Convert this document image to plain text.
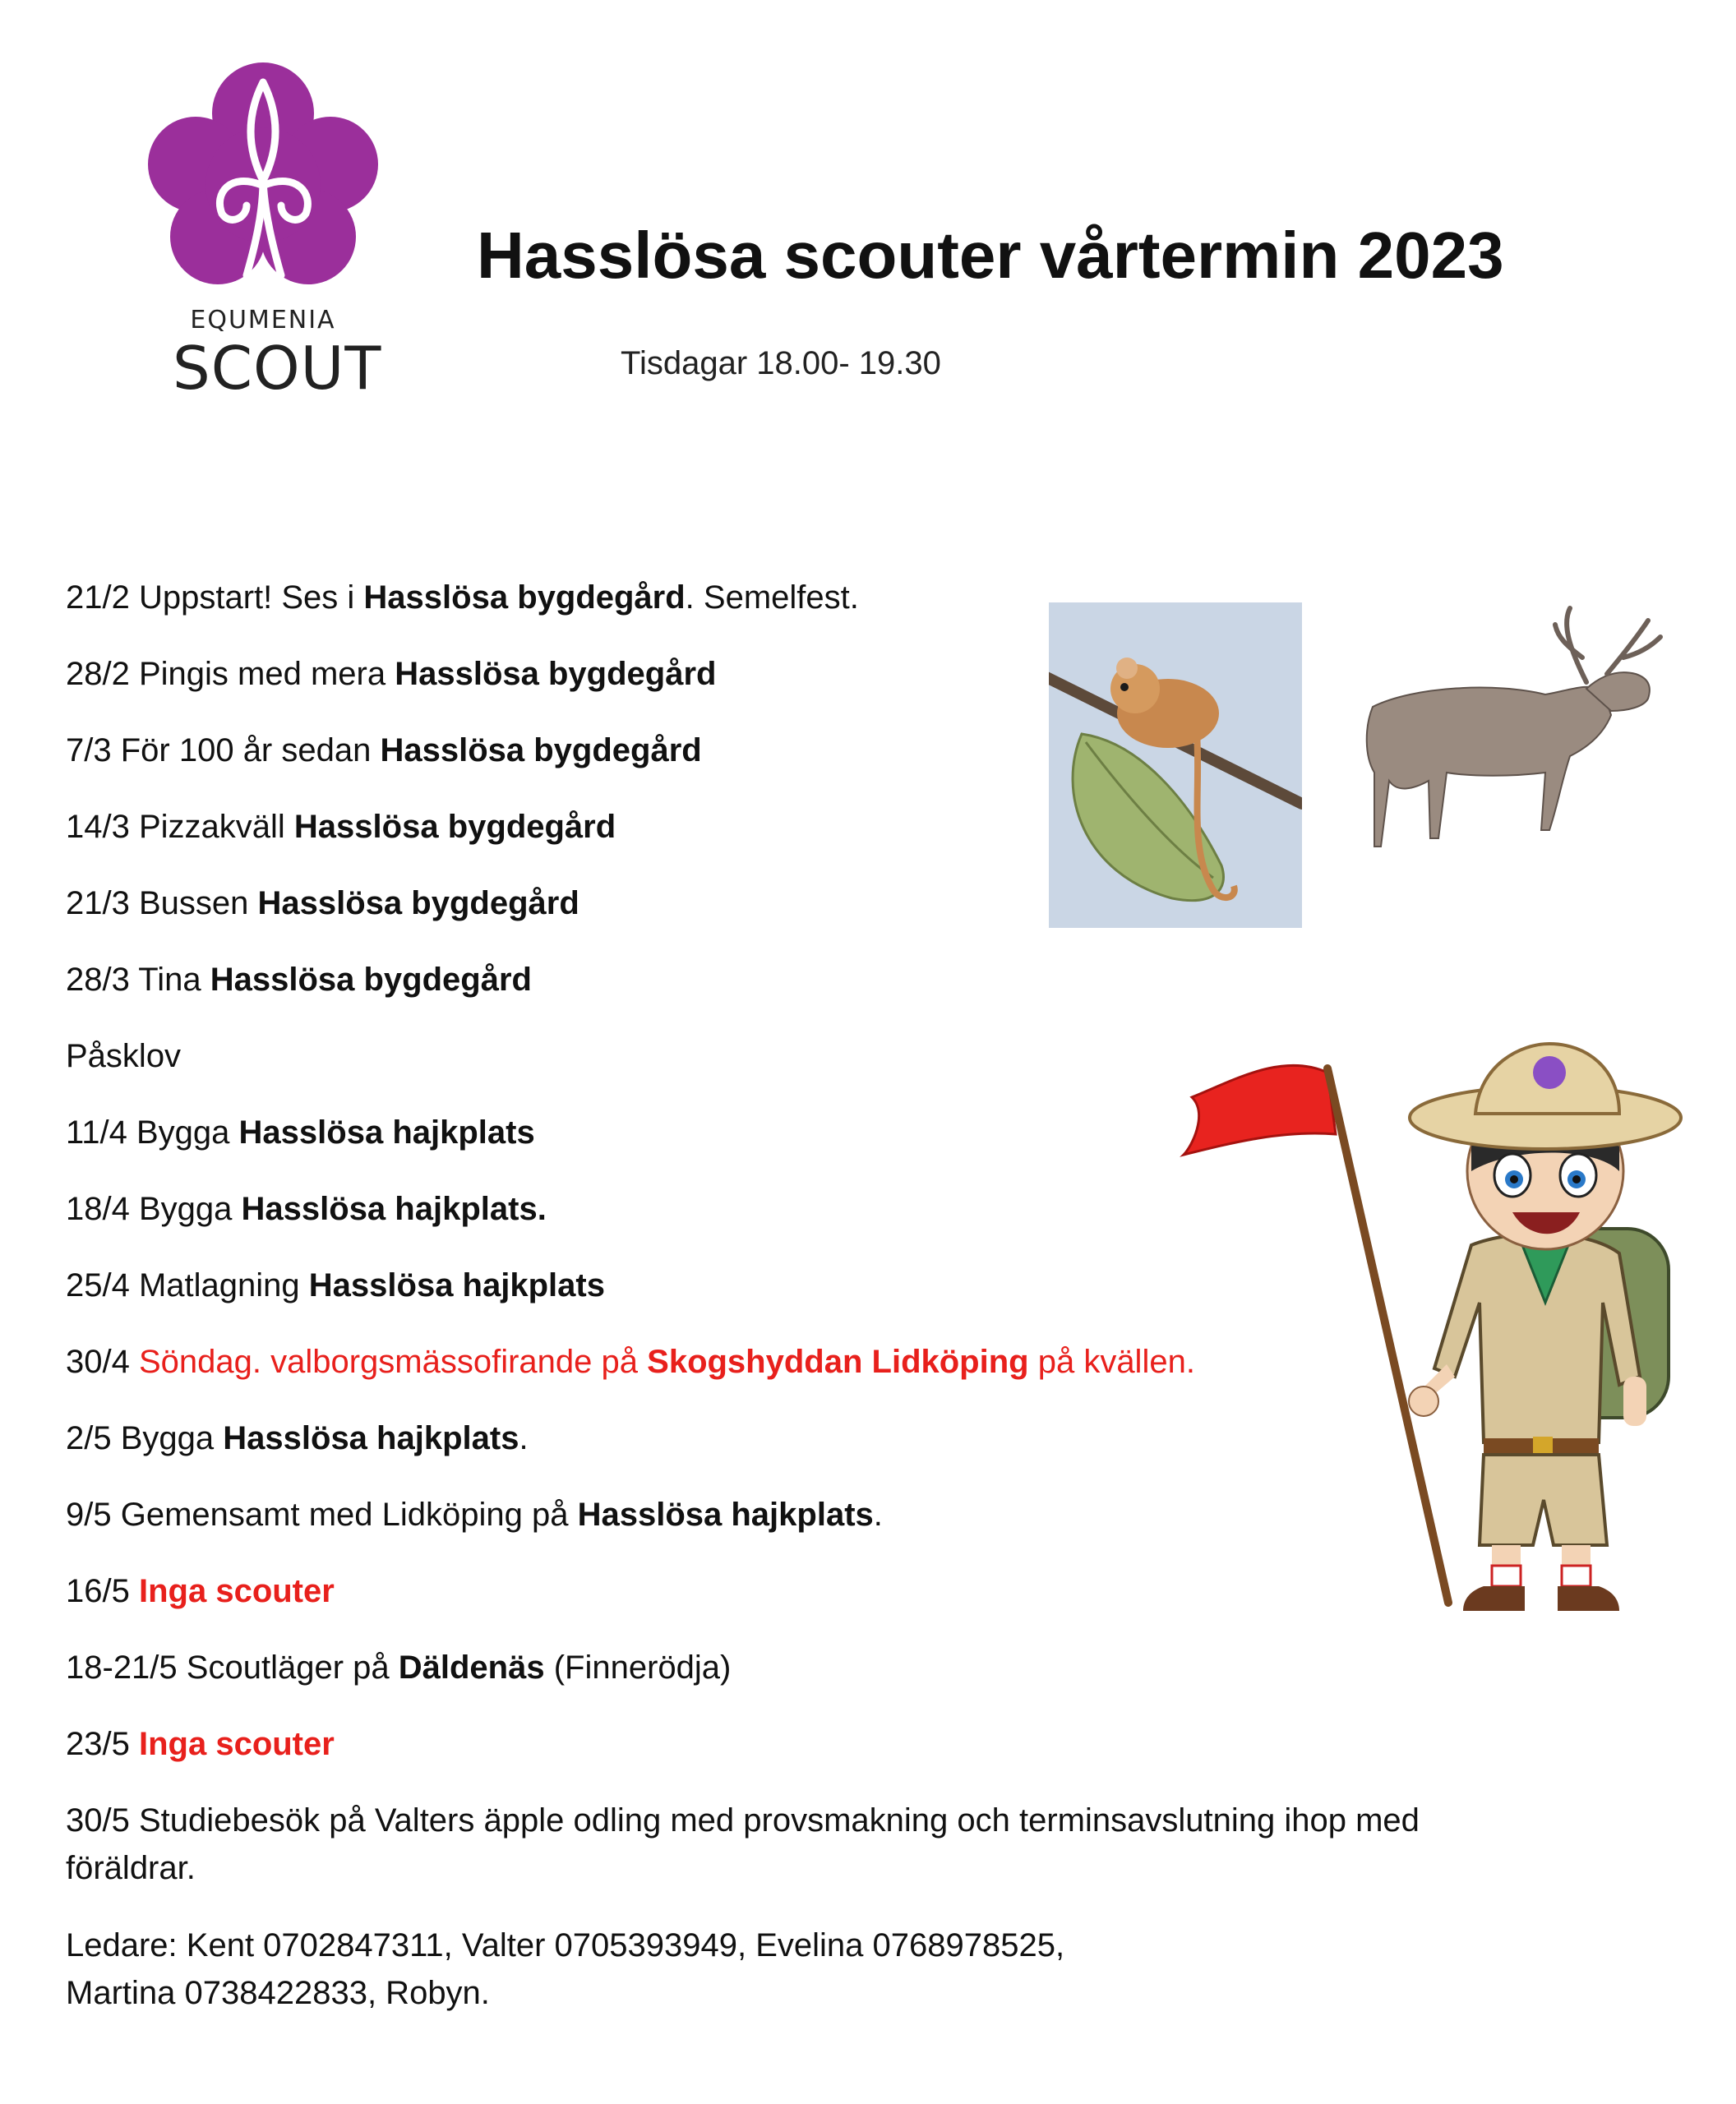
EQUMENIA
SCOUT
Hasslösa scouter vårtermin 2023
Tisdagar 18.00- 19.30
21/2 Uppstart! Ses i Hasslösa bygdegård. Semelfest.
28/2 Pingis med mera Hasslösa bygdegård
7/3 För 100 år sedan Hasslösa bygdegård
14/3 Pizzakväll Hasslösa bygdegård
21/3 Bussen Hasslösa bygdegård
28/3 Tina Hasslösa bygdegård
Påsklov
11/4 Bygga Hasslösa hajkplats
18/4 Bygga Hasslösa hajkplats.
25/4 Matlagning Hasslösa hajkplats
30/4 Söndag. valborgsmässofirande på Skogshyddan Lidköping på kvällen.
2/5 Bygga Hasslösa hajkplats.
9/5 Gemensamt med Lidköping på Hasslösa hajkplats.
16/5 Inga scouter
18-21/5 Scoutläger på Däldenäs (Finnerödja)
23/5 Inga scouter
30/5 Studiebesök på Valters äpple odling med provsmakning och terminsavslutning ihop med föräldrar.
Ledare: Kent 0702847311, Valter 0705393949, Evelina 0768978525,
Martina 0738422833, Robyn.
